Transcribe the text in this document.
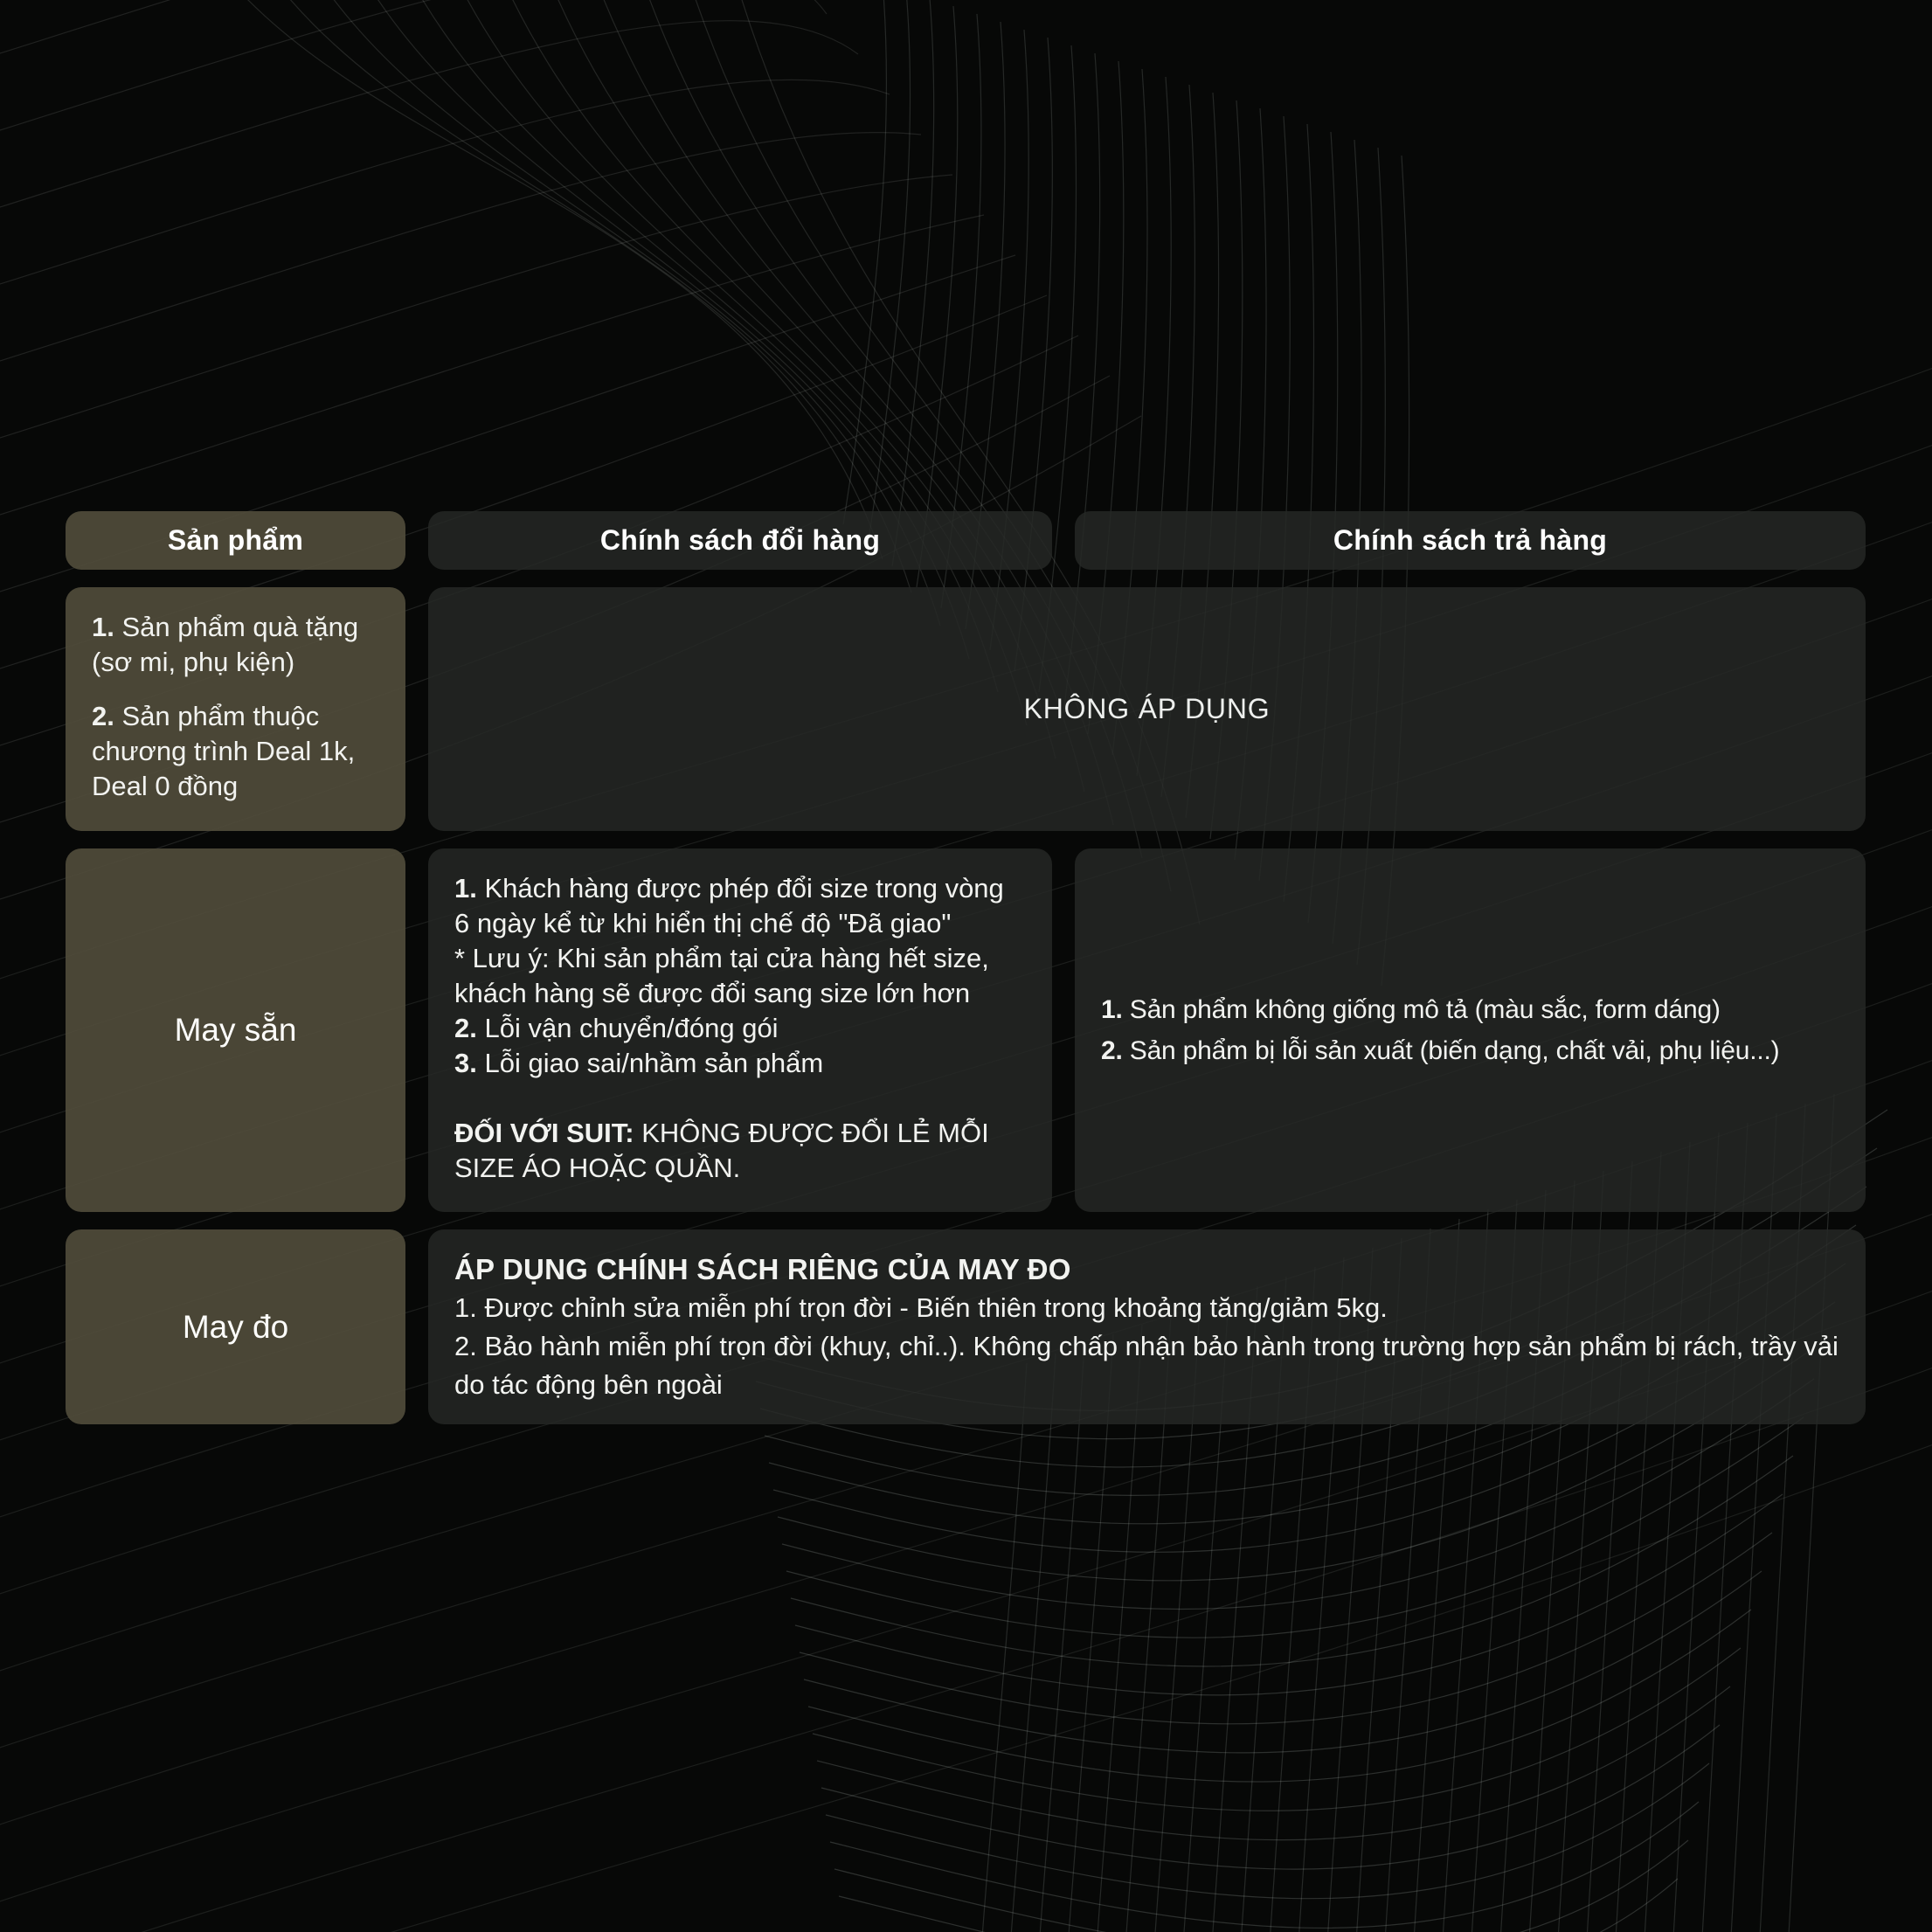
Sản phẩm	Chính sách đổi hàng	Chính sách trả hàng
1. Sản phẩm quà tặng (sơ mi, phụ kiện)
2. Sản phẩm thuộc chương trình Deal 1k, Deal 0 đồng
KHÔNG ÁP DỤNG
May sẵn
1. Khách hàng được phép đổi size trong vòng 6 ngày kể từ khi hiển thị chế độ "Đã giao"
* Lưu ý: Khi sản phẩm tại cửa hàng hết size, khách hàng sẽ được đổi sang size lớn hơn
2. Lỗi vận chuyển/đóng gói
3. Lỗi giao sai/nhầm sản phẩm
ĐỐI VỚI SUIT: KHÔNG ĐƯỢC ĐỔI LẺ MỖI SIZE ÁO HOẶC QUẦN.
1. Sản phẩm không giống mô tả (màu sắc, form dáng)
2. Sản phẩm bị lỗi sản xuất (biến dạng, chất vải, phụ liệu...)
May đo
ÁP DỤNG CHÍNH SÁCH RIÊNG CỦA MAY ĐO
1. Được chỉnh sửa miễn phí trọn đời - Biến thiên trong khoảng tăng/giảm 5kg.
2. Bảo hành miễn phí trọn đời (khuy, chỉ..). Không chấp nhận bảo hành trong trường hợp sản phẩm bị rách, trầy vải do tác động bên ngoài
